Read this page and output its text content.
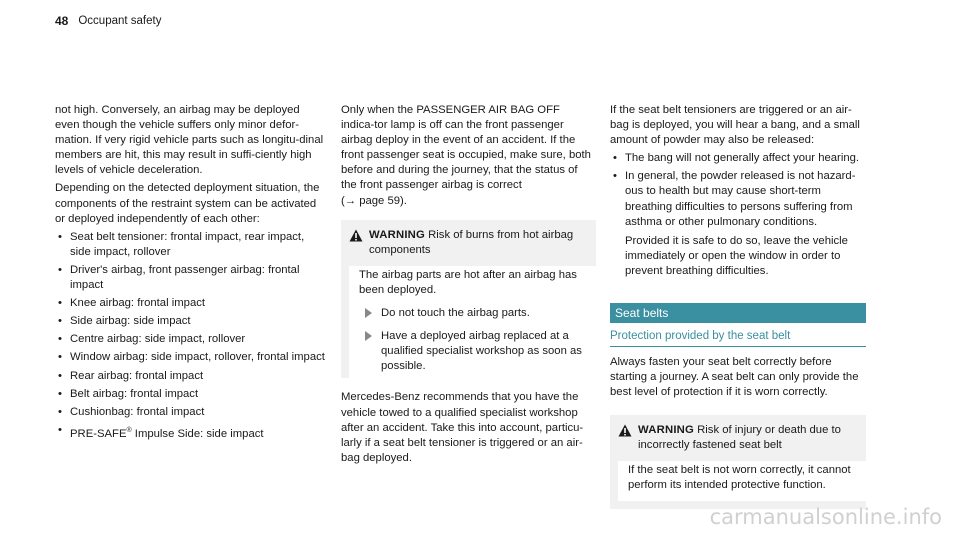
48 Occupant safety

not high. Conversely, an airbag may be deployed even though the vehicle suffers only minor defor-mation. If very rigid vehicle parts such as longitu-dinal members are hit, this may result in suffi-ciently high levels of vehicle deceleration.

Depending on the detected deployment situation, the components of the restraint system can be activated or deployed independently of each other:

• Seat belt tensioner: frontal impact, rear impact, side impact, rollover
• Driver's airbag, front passenger airbag: frontal impact
• Knee airbag: frontal impact
• Side airbag: side impact
• Centre airbag: side impact, rollover
• Window airbag: side impact, rollover, frontal impact
• Rear airbag: frontal impact
• Belt airbag: frontal impact
• Cushionbag: frontal impact
• PRE-SAFE® Impulse Side: side impact

Only when the PASSENGER AIR BAG OFF indica-tor lamp is off can the front passenger airbag deploy in the event of an accident. If the front passenger seat is occupied, make sure, both before and during the journey, that the status of the front passenger airbag is correct
(→ page 59).

WARNING Risk of burns from hot airbag components

The airbag parts are hot after an airbag has been deployed.

Do not touch the airbag parts.
Have a deployed airbag replaced at a qualified specialist workshop as soon as possible.

Mercedes-Benz recommends that you have the vehicle towed to a qualified specialist workshop after an accident. Take this into account, particu-larly if a seat belt tensioner is triggered or an air-bag deployed.

If the seat belt tensioners are triggered or an air-bag is deployed, you will hear a bang, and a small amount of powder may also be released:

• The bang will not generally affect your hearing.
• In general, the powder released is not hazard-ous to health but may cause short-term breathing difficulties to persons suffering from asthma or other pulmonary conditions.
Provided it is safe to do so, leave the vehicle immediately or open the window in order to prevent breathing difficulties.
Seat belts
Protection provided by the seat belt

Always fasten your seat belt correctly before starting a journey. A seat belt can only provide the best level of protection if it is worn correctly.

WARNING Risk of injury or death due to incorrectly fastened seat belt
If the seat belt is not worn correctly, it cannot perform its intended protective function.
carmanualsonline.info
